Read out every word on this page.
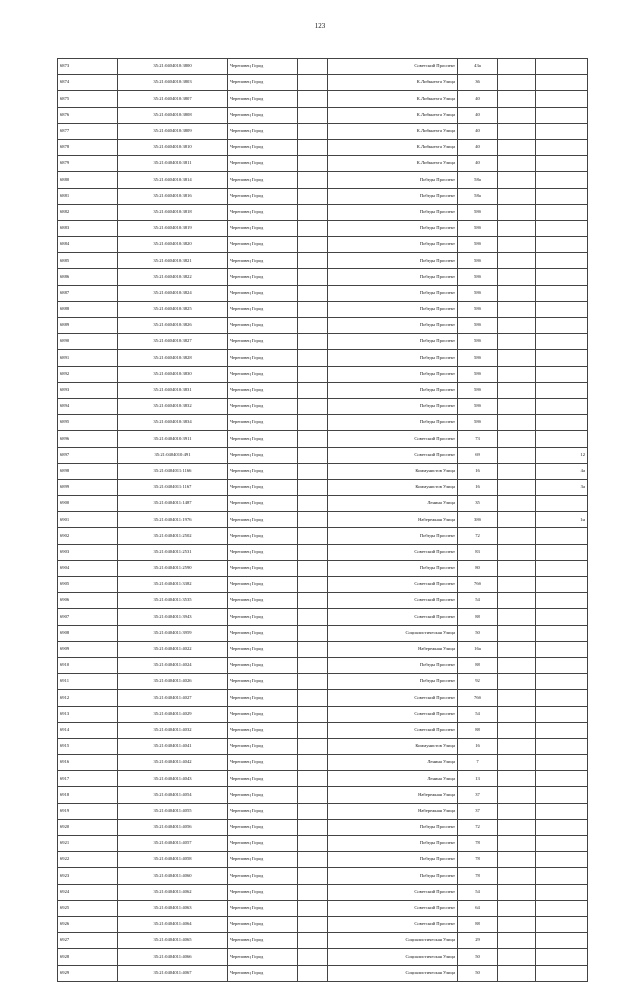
123
6873	35:21:0404010:3800	Череповец Город		Советский Проспект	43а		
6874	35:21:0404010:3803	Череповец Город		К.Либкнехта Улица	36		
6875	35:21:0404010:3807	Череповец Город		К.Либкнехта Улица	40		
6876	35:21:0404010:3808	Череповец Город		К.Либкнехта Улица	40		
6877	35:21:0404010:3809	Череповец Город		К.Либкнехта Улица	40		
6878	35:21:0404010:3810	Череповец Город		К.Либкнехта Улица	40		
6879	35:21:0404010:3811	Череповец Город		К.Либкнехта Улица	40		
6880	35:21:0404010:3814	Череповец Город		Победы Проспект	58а		
6881	35:21:0404010:3816	Череповец Город		Победы Проспект	58а		
6882	35:21:0404010:3818	Череповец Город		Победы Проспект	58б		
6883	35:21:0404010:3819	Череповец Город		Победы Проспект	58б		
6884	35:21:0404010:3820	Череповец Город		Победы Проспект	58б		
6885	35:21:0404010:3821	Череповец Город		Победы Проспект	58б		
6886	35:21:0404010:3822	Череповец Город		Победы Проспект	58б		
6887	35:21:0404010:3824	Череповец Город		Победы Проспект	58б		
6888	35:21:0404010:3825	Череповец Город		Победы Проспект	58б		
6889	35:21:0404010:3826	Череповец Город		Победы Проспект	58б		
6890	35:21:0404010:3827	Череповец Город		Победы Проспект	58б		
6891	35:21:0404010:3828	Череповец Город		Победы Проспект	58б		
6892	35:21:0404010:3830	Череповец Город		Победы Проспект	58б		
6893	35:21:0404010:3831	Череповец Город		Победы Проспект	58б		
6894	35:21:0404010:3832	Череповец Город		Победы Проспект	58б		
6895	35:21:0404010:3834	Череповец Город		Победы Проспект	58б		
6896	35:21:0404010:3911	Череповец Город		Советский Проспект	73		
6897	35:21:0404010:491	Череповец Город		Советский Проспект	69		12
6898	35:21:0404011:1166	Череповец Город		Коммунистов Улица	16		4а
6899	35:21:0404011:1167	Череповец Город		Коммунистов Улица	16		3а
6900	35:21:0404011:1487	Череповец Город		Ленина Улица	35		
6901	35:21:0404011:1976	Череповец Город		Набережная Улица	38б		1н
6902	35:21:0404011:2502	Череповец Город		Победы Проспект	72		
6903	35:21:0404011:2531	Череповец Город		Советский Проспект	83		
6904	35:21:0404011:2590	Череповец Город		Победы Проспект	80		
6905	35:21:0404011:3382	Череповец Город		Советский Проспект	76б		
6906	35:21:0404011:3535	Череповец Город		Советский Проспект	54		
6907	35:21:0404011:3943	Череповец Город		Советский Проспект	88		
6908	35:21:0404011:3959	Череповец Город		Социалистическая Улица	50		
6909	35:21:0404011:4022	Череповец Город		Набережная Улица	16а		
6910	35:21:0404011:4024	Череповец Город		Победы Проспект	88		
6911	35:21:0404011:4026	Череповец Город		Победы Проспект	92		
6912	35:21:0404011:4027	Череповец Город		Советский Проспект	76б		
6913	35:21:0404011:4029	Череповец Город		Советский Проспект	54		
6914	35:21:0404011:4032	Череповец Город		Советский Проспект	88		
6915	35:21:0404011:4041	Череповец Город		Коммунистов Улица	16		
6916	35:21:0404011:4042	Череповец Город		Ленина Улица	7		
6917	35:21:0404011:4043	Череповец Город		Ленина Улица	13		
6918	35:21:0404011:4054	Череповец Город		Набережная Улица	37		
6919	35:21:0404011:4055	Череповец Город		Набережная Улица	37		
6920	35:21:0404011:4056	Череповец Город		Победы Проспект	72		
6921	35:21:0404011:4057	Череповец Город		Победы Проспект	78		
6922	35:21:0404011:4058	Череповец Город		Победы Проспект	78		
6923	35:21:0404011:4060	Череповец Город		Победы Проспект	78		
6924	35:21:0404011:4062	Череповец Город		Советский Проспект	54		
6925	35:21:0404011:4063	Череповец Город		Советский Проспект	64		
6926	35:21:0404011:4064	Череповец Город		Советский Проспект	88		
6927	35:21:0404011:4065	Череповец Город		Социалистическая Улица	29		
6928	35:21:0404011:4066	Череповец Город		Социалистическая Улица	50		
6929	35:21:0404011:4067	Череповец Город		Социалистическая Улица	50		
